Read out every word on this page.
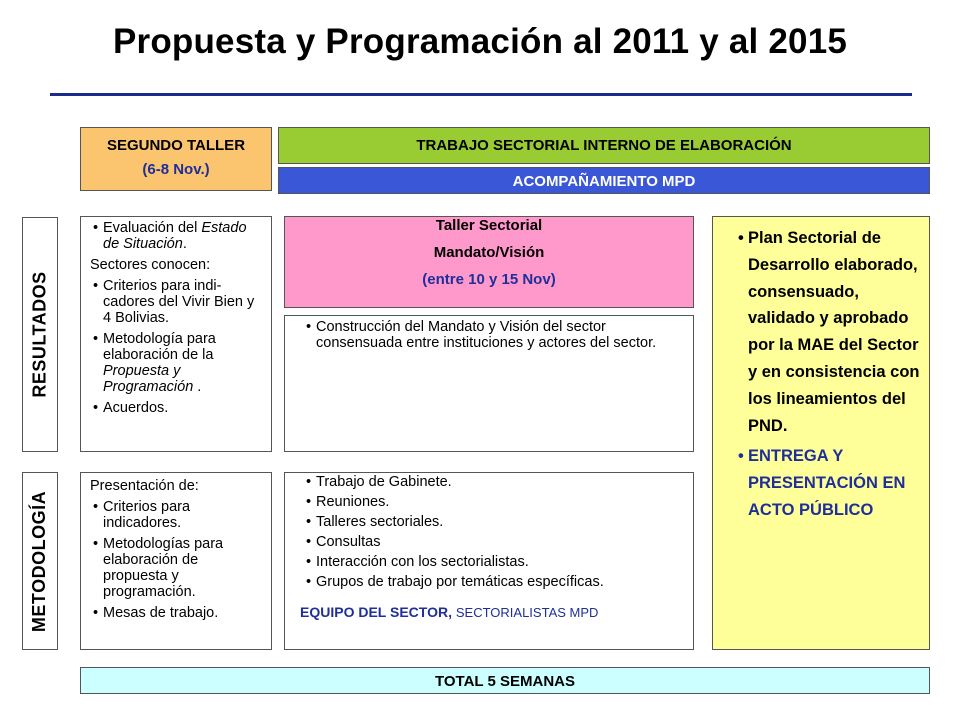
Propuesta y Programación al 2011 y al 2015
SEGUNDO TALLER
(6-8 Nov.)
TRABAJO SECTORIAL INTERNO DE ELABORACIÓN
ACOMPAÑAMIENTO MPD
RESULTADOS
METODOLOGÍA
• Evaluación del Estado de Situación.

Sectores conocen:

• Criterios para indi-cadores del Vivir Bien y 4 Bolivias.
• Metodología para elaboración de la Propuesta y Programación .
• Acuerdos.
Taller Sectorial
Mandato/Visión
(entre 10 y 15 Nov)
• Construcción del Mandato y Visión del sector consensuada entre instituciones y actores del sector.

Presentación de:

• Criterios para indicadores.
• Metodologías para elaboración de propuesta y programación.
• Mesas de trabajo.
• Trabajo de Gabinete.
• Reuniones.
• Talleres sectoriales.
• Consultas
• Interacción con los sectorialistas.
• Grupos de trabajo por temáticas específicas.
EQUIPO DEL SECTOR, SECTORIALISTAS MPD
• Plan Sectorial de Desarrollo elaborado, consensuado, validado y aprobado por la MAE del Sector y en consistencia con los lineamientos del PND.
• ENTREGA Y PRESENTACIÓN EN ACTO PÚBLICO
TOTAL 5 SEMANAS
